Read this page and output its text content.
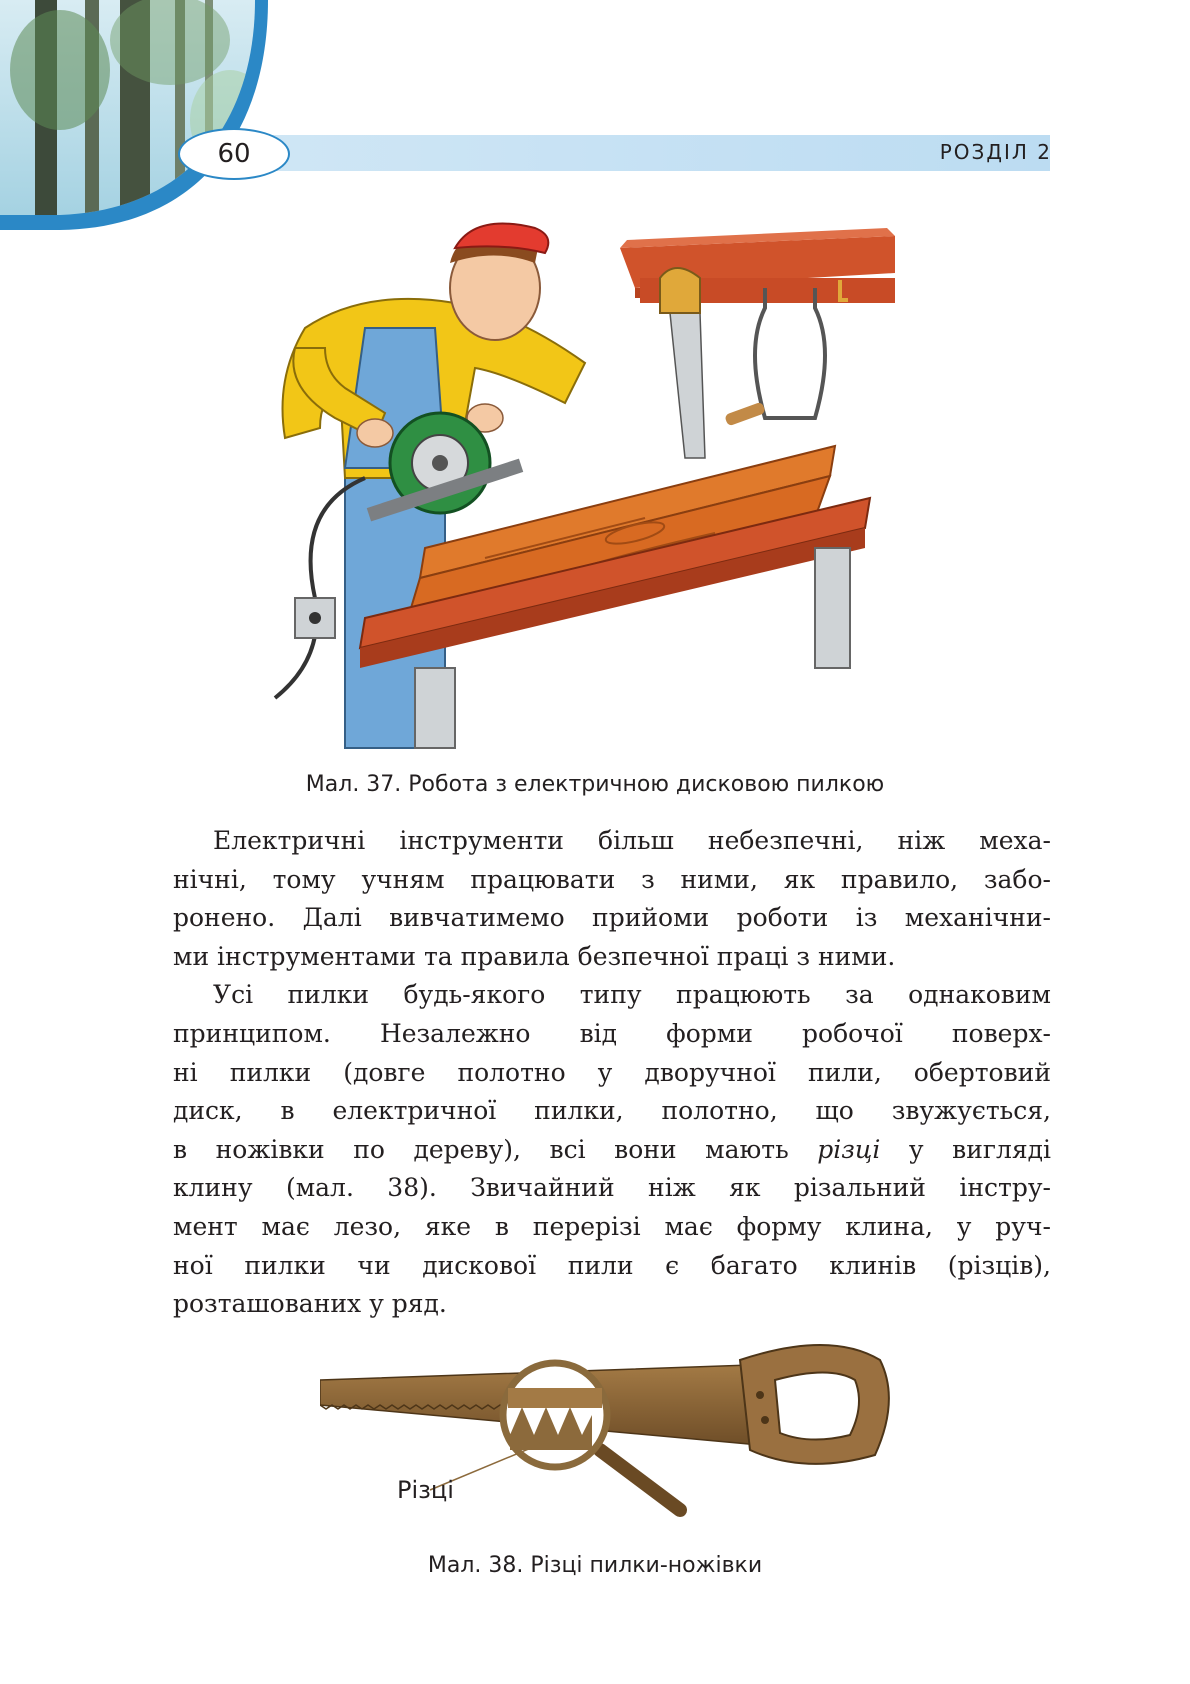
РОЗДІЛ 2
60
Мал. 37. Робота з електричною дисковою пилкою
Електричні інструменти більш небезпечні, ніж меха-
нічні, тому учням працювати з ними, як правило, забо-
ронено. Далі вивчатимемо прийоми роботи із механічни-
ми інструментами та правила безпечної праці з ними.
Усі пилки будь-якого типу працюють за однаковим
принципом. Незалежно від форми робочої поверх-
ні пилки (довге полотно у дворучної пили, обертовий
диск, в електричної пилки, полотно, що звужується,
в ножівки по дереву), всі вони мають різці у вигляді
клину (мал. 38). Звичайний ніж як різальний інстру-
мент має лезо, яке в перерізі має форму клина, у руч-
ної пилки чи дискової пили є багато клинів (різців),
розташованих у ряд.
Різці
Мал. 38. Різці пилки-ножівки
